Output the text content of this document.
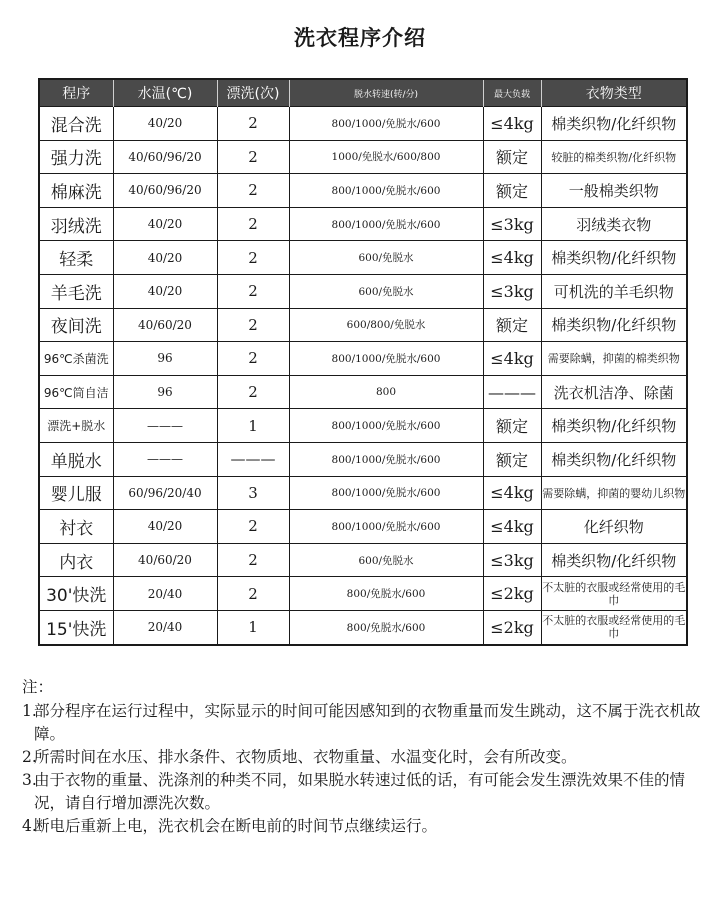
洗衣程序介绍
程序	水温(℃)	漂洗(次)	脱水转速(转/分)	最大负载	衣物类型
混合洗	40/20	2	800/1000/免脱水/600	≤4kg	棉类织物/化纤织物
强力洗	40/60/96/20	2	1000/免脱水/600/800	额定	较脏的棉类织物/化纤织物
棉麻洗	40/60/96/20	2	800/1000/免脱水/600	额定	一般棉类织物
羽绒洗	40/20	2	800/1000/免脱水/600	≤3kg	羽绒类衣物
轻柔	40/20	2	600/免脱水	≤4kg	棉类织物/化纤织物
羊毛洗	40/20	2	600/免脱水	≤3kg	可机洗的羊毛织物
夜间洗	40/60/20	2	600/800/免脱水	额定	棉类织物/化纤织物
96℃杀菌洗	96	2	800/1000/免脱水/600	≤4kg	需要除螨，抑菌的棉类织物
96℃筒自洁	96	2	800	———	洗衣机洁净、除菌
漂洗+脱水	———	1	800/1000/免脱水/600	额定	棉类织物/化纤织物
单脱水	———	———	800/1000/免脱水/600	额定	棉类织物/化纤织物
婴儿服	60/96/20/40	3	800/1000/免脱水/600	≤4kg	需要除螨，抑菌的婴幼儿织物
衬衣	40/20	2	800/1000/免脱水/600	≤4kg	化纤织物
内衣	40/60/20	2	600/免脱水	≤3kg	棉类织物/化纤织物
30'快洗	20/40	2	800/免脱水/600	≤2kg	不太脏的衣服或经常使用的毛巾
15'快洗	20/40	1	800/免脱水/600	≤2kg	不太脏的衣服或经常使用的毛巾
注：
1.
部分程序在运行过程中，实际显示的时间可能因感知到的衣物重量而发生跳动，这不属于洗衣机故障。
2.
所需时间在水压、排水条件、衣物质地、衣物重量、水温变化时，会有所改变。
3.
由于衣物的重量、洗涤剂的种类不同，如果脱水转速过低的话，有可能会发生漂洗效果不佳的情况，请自行增加漂洗次数。
4.
断电后重新上电，洗衣机会在断电前的时间节点继续运行。
